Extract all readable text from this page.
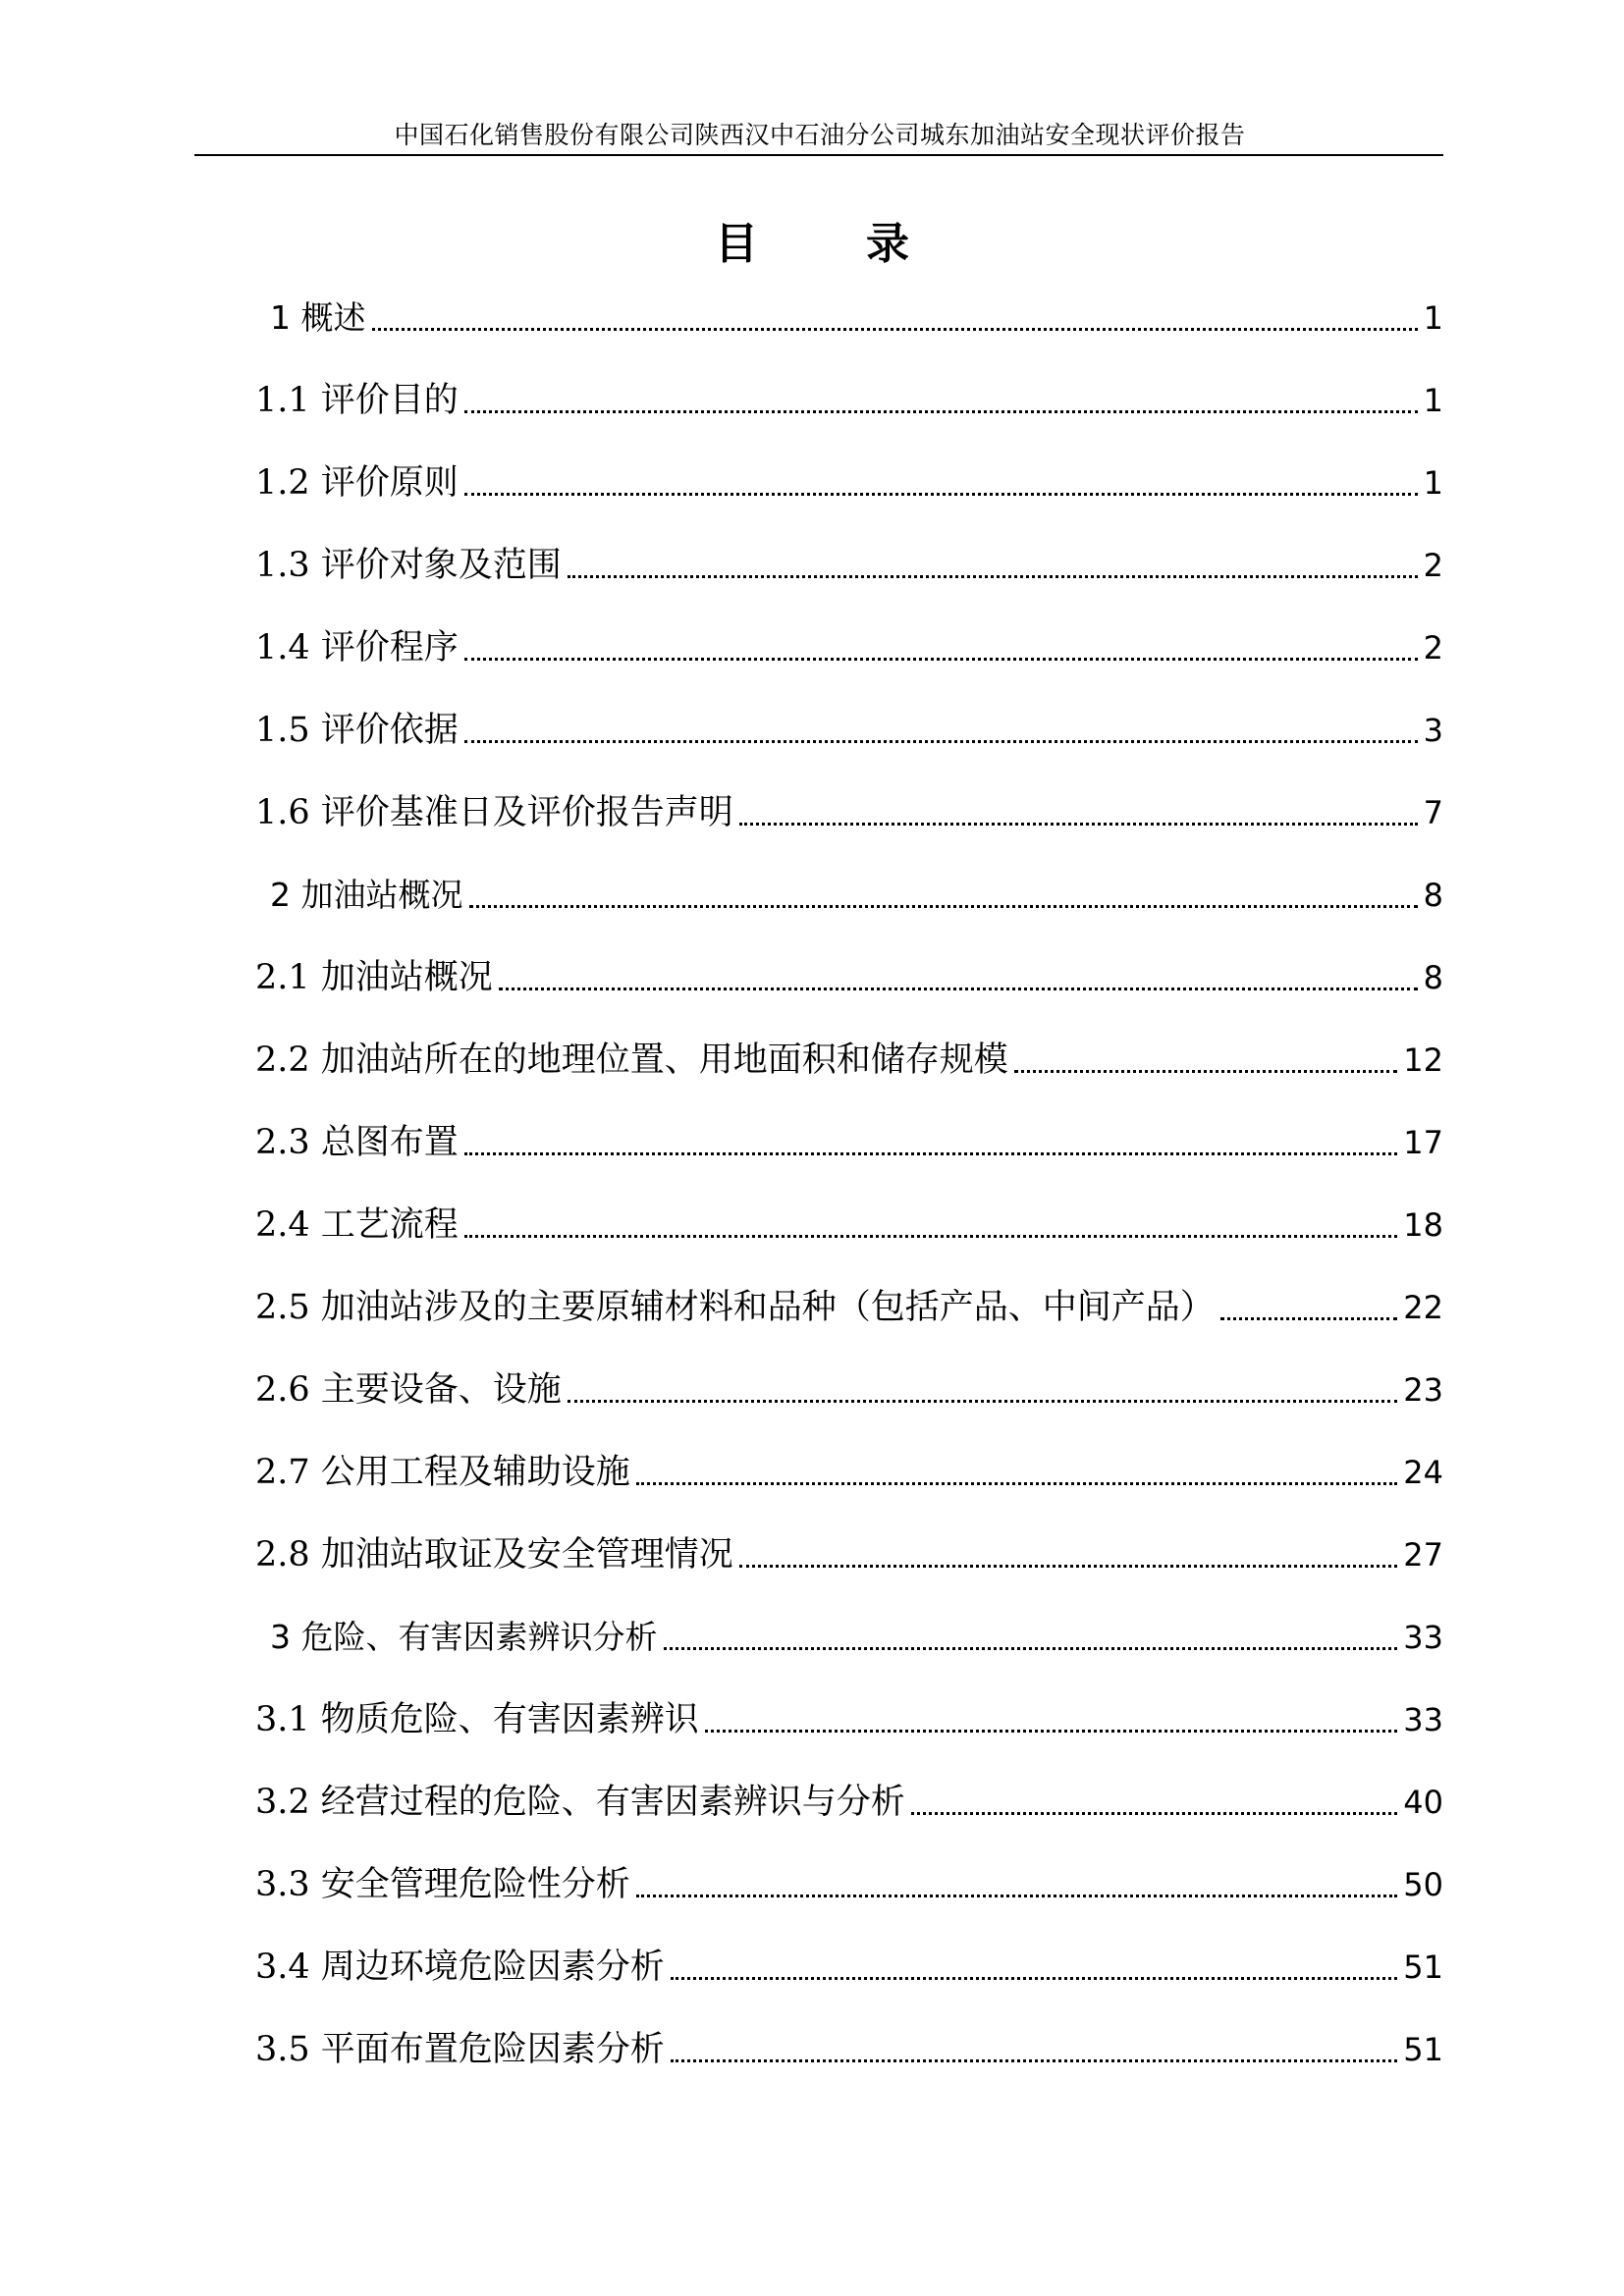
中国石化销售股份有限公司陕西汉中石油分公司城东加油站安全现状评价报告
目	录
1 概述	1
1.1 评价目的	1
1.2 评价原则	1
1.3 评价对象及范围	2
1.4 评价程序	2
1.5 评价依据	3
1.6 评价基准日及评价报告声明	7
2 加油站概况	8
2.1 加油站概况	8
2.2 加油站所在的地理位置、用地面积和储存规模	12
2.3 总图布置	17
2.4 工艺流程	18
2.5 加油站涉及的主要原辅材料和品种（包括产品、中间产品）	22
2.6 主要设备、设施	23
2.7 公用工程及辅助设施	24
2.8 加油站取证及安全管理情况	27
3 危险、有害因素辨识分析	33
3.1 物质危险、有害因素辨识	33
3.2 经营过程的危险、有害因素辨识与分析	40
3.3 安全管理危险性分析	50
3.4 周边环境危险因素分析	51
3.5 平面布置危险因素分析	51
